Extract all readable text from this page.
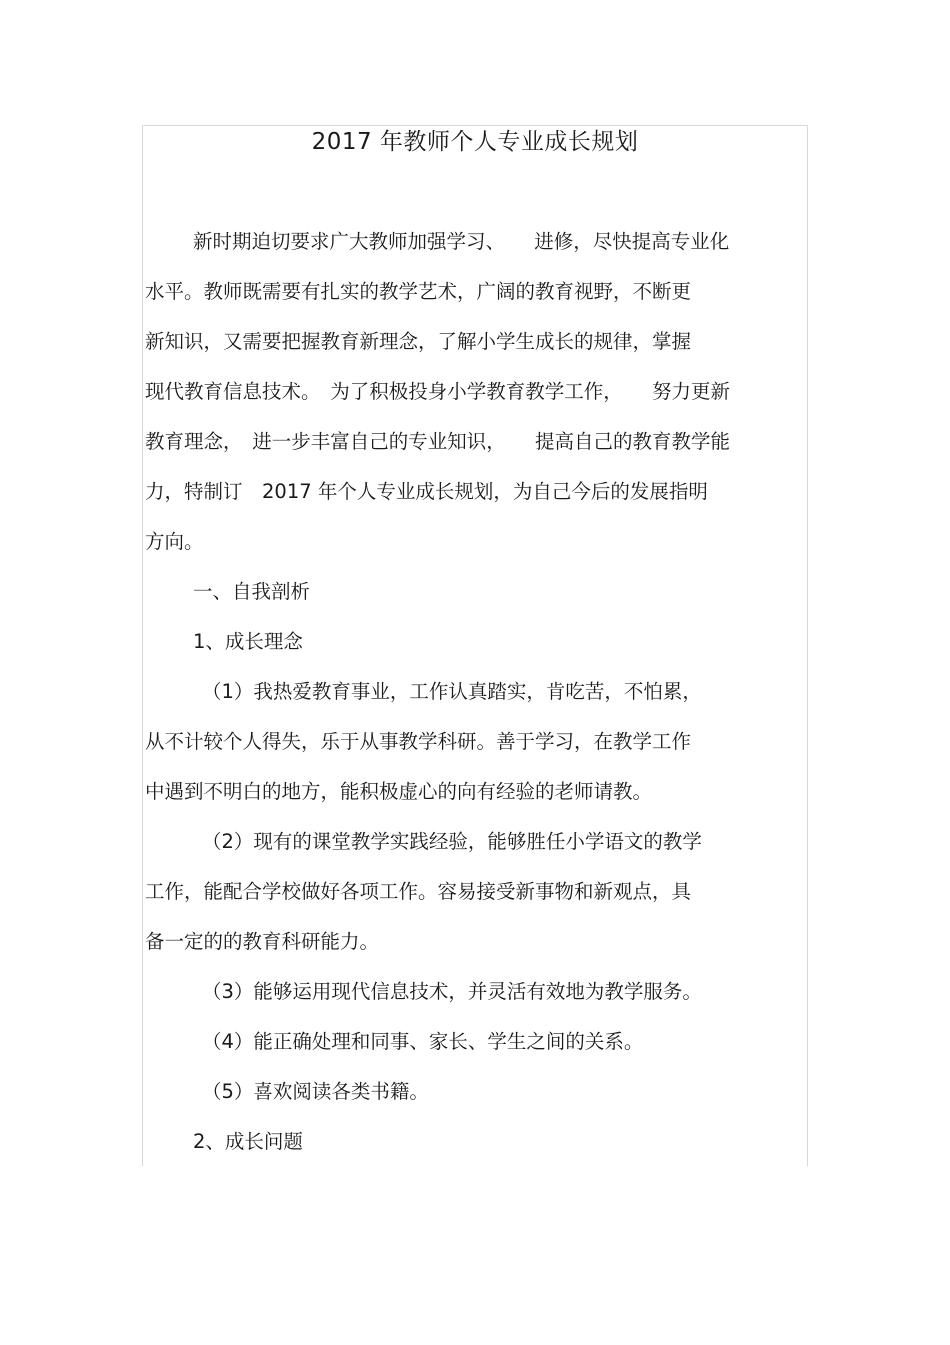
2017 年教师个人专业成长规划
新时期迫切要求广大教师加强学习、　　进修，尽快提高专业化
水平。教师既需要有扎实的教学艺术，广阔的教育视野，不断更
新知识，又需要把握教育新理念，了解小学生成长的规律，掌握
现代教育信息技术。　为了积极投身小学教育教学工作，　　努力更新
教育理念，　进一步丰富自己的专业知识，　　提高自己的教育教学能
力，特制订　2017 年个人专业成长规划，为自己今后的发展指明
方向。
一、自我剖析
1、成长理念
（1）我热爱教育事业，工作认真踏实，肯吃苦，不怕累，
从不计较个人得失，乐于从事教学科研。善于学习，在教学工作
中遇到不明白的地方，能积极虚心的向有经验的老师请教。
（2）现有的课堂教学实践经验，能够胜任小学语文的教学
工作，能配合学校做好各项工作。容易接受新事物和新观点，具
备一定的的教育科研能力。
（3）能够运用现代信息技术，并灵活有效地为教学服务。
（4）能正确处理和同事、家长、学生之间的关系。
（5）喜欢阅读各类书籍。
2、成长问题
